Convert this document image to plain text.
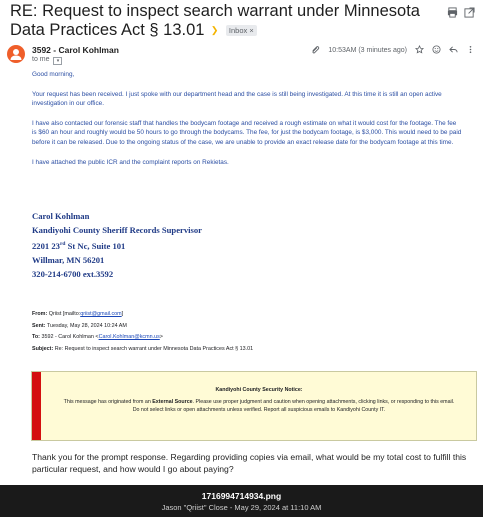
RE: Request to inspect search warrant under Minnesota Data Practices Act § 13.01 ❯ Inbox ×
3592 - Carol Kohlman
to me ▾
10:53AM (3 minutes ago)

Good morning,

Your request has been received. I just spoke with our department head and the case is still being investigated. At this time it is still an open active investigation in our office.

I have also contacted our forensic staff that handles the bodycam footage and received a rough estimate on what it would cost for the footage. The fee is $60 an hour and roughly would be 50 hours to go through the bodycams. The fee, for just the bodycam footage, is $3,000. This would need to be paid before it can be released. Due to the ongoing status of the case, we are unable to provide an exact release date for the bodycam footage at this time.

I have attached the public ICR and the complaint reports on Rekietas.

Carol Kohlman
Kandiyohi County Sheriff Records Supervisor
2201 23rd St Nc, Suite 101
Willmar, MN 56201
320-214-6700 ext.3592
From: Qriist [mailto:qriist@gmail.com]
Sent: Tuesday, May 28, 2024 10:24 AM
To: 3592 - Carol Kohlman <Carol.Kohlman@kcmn.us>
Subject: Re: Request to inspect search warrant under Minnesota Data Practices Act § 13.01
Kandiyohi County Security Notice:
This message has originated from an External Source. Please use proper judgment and caution when opening attachments, clicking links, or responding to this email.
Do not select links or open attachments unless verified. Report all suspicious emails to Kandiyohi County IT.
Thank you for the prompt response. Regarding providing copies via email, what would be my total cost to fulfill this particular request, and how would I go about paying?
1716994714934.png
Jason "Qriist" Close - May 29, 2024 at 11:10 AM
